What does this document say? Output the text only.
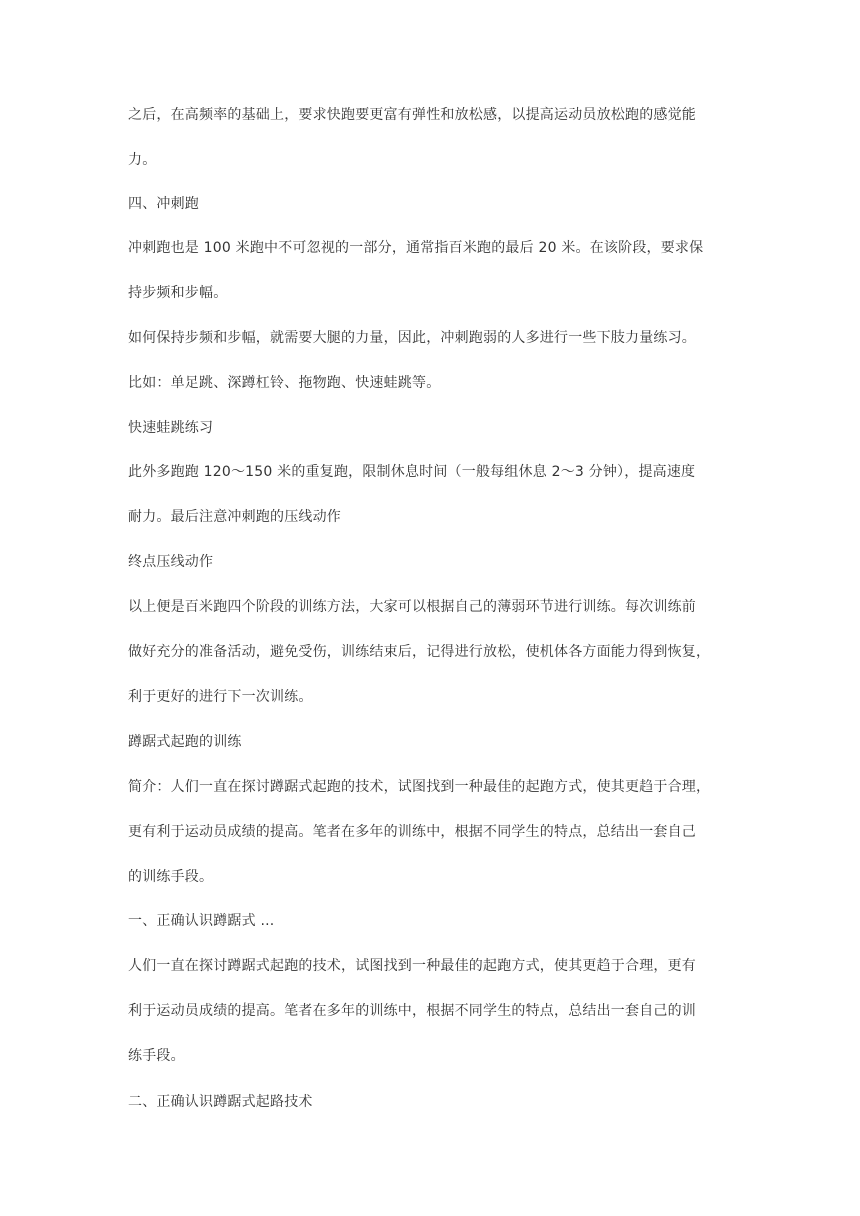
之后，在高频率的基础上，要求快跑要更富有弹性和放松感，以提高运动员放松跑的感觉能
力。
四、冲刺跑
冲刺跑也是 100 米跑中不可忽视的一部分，通常指百米跑的最后 20 米。在该阶段，要求保
持步频和步幅。
如何保持步频和步幅，就需要大腿的力量，因此，冲刺跑弱的人多进行一些下肢力量练习。
比如：单足跳、深蹲杠铃、拖物跑、快速蛙跳等。
快速蛙跳练习
此外多跑跑 120～150 米的重复跑，限制休息时间（一般每组休息 2～3 分钟），提高速度
耐力。最后注意冲刺跑的压线动作
终点压线动作
以上便是百米跑四个阶段的训练方法，大家可以根据自己的薄弱环节进行训练。每次训练前
做好充分的准备活动，避免受伤，训练结束后，记得进行放松，使机体各方面能力得到恢复，
利于更好的进行下一次训练。
蹲踞式起跑的训练
简介：人们一直在探讨蹲踞式起跑的技术，试图找到一种最佳的起跑方式，使其更趋于合理，
更有利于运动员成绩的提高。笔者在多年的训练中，根据不同学生的特点，总结出一套自己
的训练手段。
一、正确认识蹲踞式 ...
人们一直在探讨蹲踞式起跑的技术，试图找到一种最佳的起跑方式，使其更趋于合理，更有
利于运动员成绩的提高。笔者在多年的训练中，根据不同学生的特点，总结出一套自己的训
练手段。
二、正确认识蹲踞式起路技术
